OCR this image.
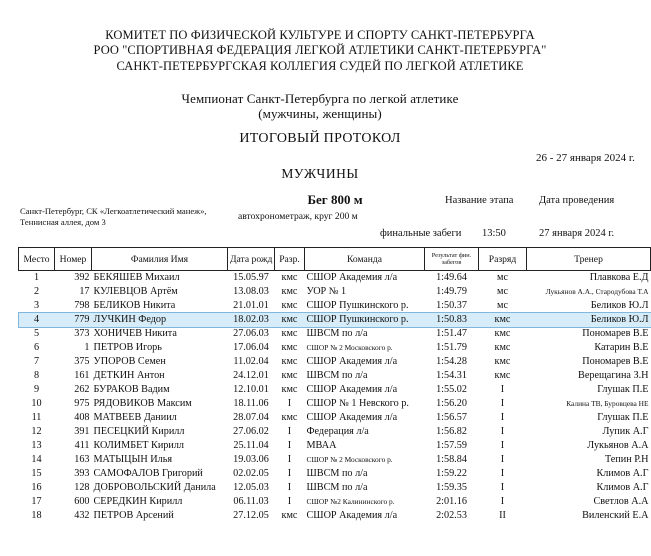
КОМИТЕТ ПО ФИЗИЧЕСКОЙ КУЛЬТУРЕ И СПОРТУ САНКТ-ПЕТЕРБУРГА
РОО "СПОРТИВНАЯ ФЕДЕРАЦИЯ ЛЕГКОЙ АТЛЕТИКИ САНКТ-ПЕТЕРБУРГА"
САНКТ-ПЕТЕРБУРГСКАЯ КОЛЛЕГИЯ СУДЕЙ ПО ЛЕГКОЙ АТЛЕТИКЕ
Чемпионат Санкт-Петербурга по легкой атлетике
(мужчины, женщины)
ИТОГОВЫЙ ПРОТОКОЛ
26 - 27 января 2024 г.
МУЖЧИНЫ
Санкт-Петербург, СК «Легкоатлетический манеж», Теннисная аллея, дом 3
Бег 800 м
автохронометраж, круг 200 м
Название этапа Дата проведения
финальные забеги 13:50	27 января 2024 г.
Место	Номер	Фамилия Имя	Дата рожд	Разр.	Команда	Результат фин. забегов	Разряд	Тренер
1	392	БЕКЯШЕВ Михаил	15.05.97	кмс	СШОР Академия л/а	1:49.64	мс	Плавкова Е.Д
2	17	КУЛЕВЦОВ Артём	13.08.03	кмс	УОР № 1	1:49.79	мс	Лукьянов А.А., Стародубова Т.А
3	798	БЕЛИКОВ Никита	21.01.01	кмс	СШОР Пушкинского р.	1:50.37	мс	Беликов Ю.Л
4	779	ЛУЧКИН Федор	18.02.03	кмс	СШОР Пушкинского р.	1:50.83	кмс	Беликов Ю.Л
5	373	ХОНИЧЕВ Никита	27.06.03	кмс	ШВСМ по л/а	1:51.47	кмс	Пономарев В.Е
6	1	ПЕТРОВ Игорь	17.06.04	кмс	СШОР № 2 Московского р.	1:51.79	кмс	Катарин В.Е
7	375	УПОРОВ Семен	11.02.04	кмс	СШОР Академия л/а	1:54.28	кмс	Пономарев В.Е
8	161	ДЕТКИН Антон	24.12.01	кмс	ШВСМ по л/а	1:54.31	кмс	Верещагина З.Н
9	262	БУРАКОВ Вадим	12.10.01	кмс	СШОР Академия л/а	1:55.02	I	Глушак П.Е
10	975	РЯДОВИКОВ Максим	18.11.06	I	СШОР № 1 Невского р.	1:56.20	I	Калина ТВ, Буровцева НЕ
11	408	МАТВЕЕВ Даниил	28.07.04	кмс	СШОР Академия л/а	1:56.57	I	Глушак П.Е
12	391	ПЕСЕЦКИЙ Кирилл	27.06.02	I	Федерация л/а	1:56.82	I	Лупик А.Г
13	411	КОЛИМБЕТ Кирилл	25.11.04	I	МВАА	1:57.59	I	Лукьянов А.А
14	163	МАТЫЦЫН Илья	19.03.06	I	СШОР № 2 Московского р.	1:58.84	I	Тепин Р.Н
15	393	САМОФАЛОВ Григорий	02.02.05	I	ШВСМ по л/а	1:59.22	I	Климов А.Г
16	128	ДОБРОВОЛЬСКИЙ Данила	12.05.03	I	ШВСМ по л/а	1:59.35	I	Климов А.Г
17	600	СЕРЕДКИН Кирилл	06.11.03	I	СШОР №2 Калининского р.	2:01.16	I	Светлов А.А
18	432	ПЕТРОВ Арсений	27.12.05	кмс	СШОР Академия л/а	2:02.53	II	Виленский Е.А
